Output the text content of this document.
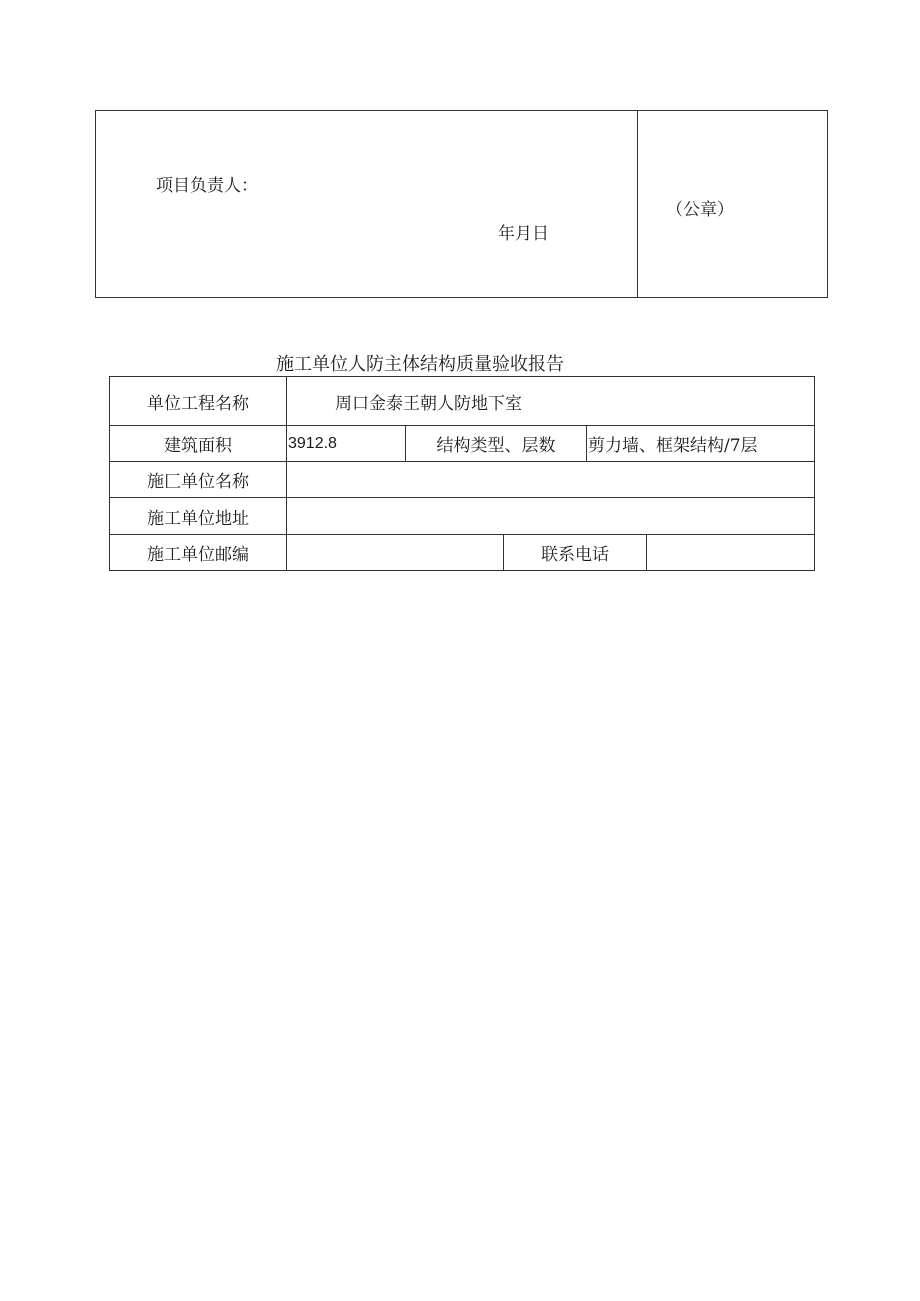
项目负责人：
年月日
（公章）
施工单位人防主体结构质量验收报告
单位工程名称	周口金泰王朝人防地下室				
建筑面积	3912.8	结构类型、层数		剪力墙、框架结构/7层	
施匚单位名称					
施工单位地址					
施工单位邮编			联系电话		
